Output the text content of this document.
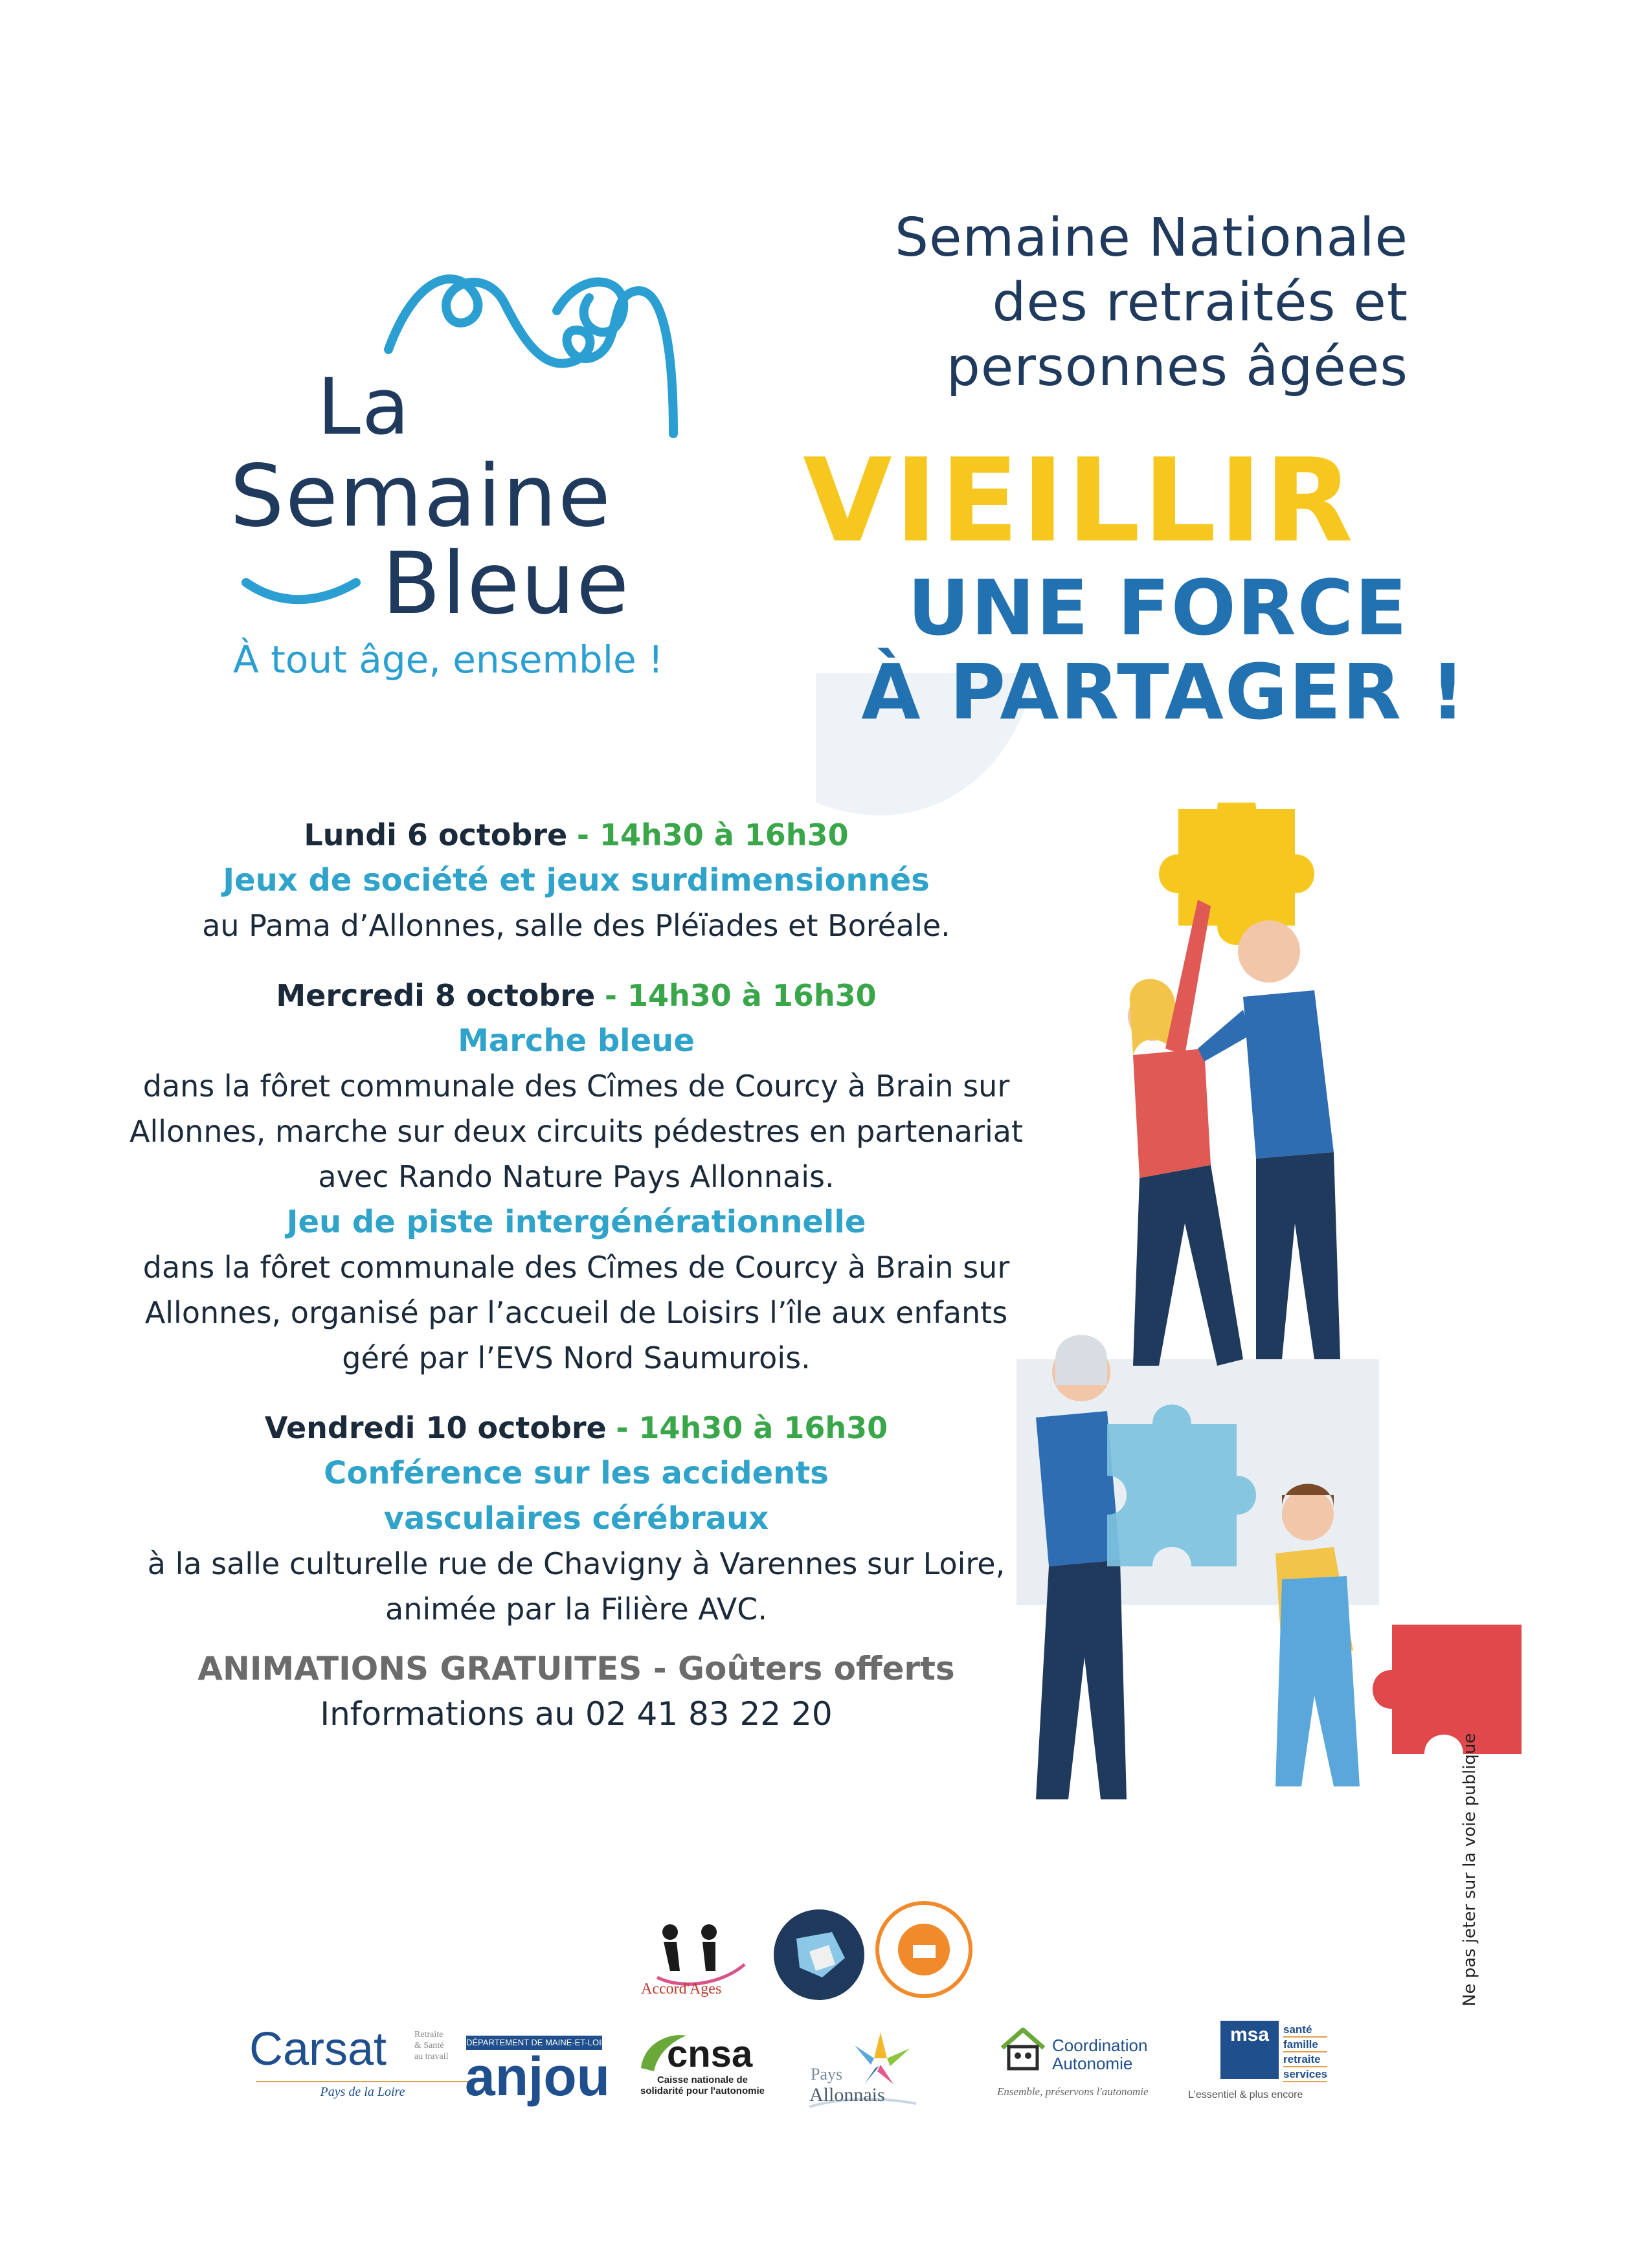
La
Semaine
Bleue
À tout âge, ensemble !
Semaine Nationale
des retraités et
personnes âgées
VIEILLIR
UNE FORCE
À PARTAGER !
Lundi 6 octobre - 14h30 à 16h30
Jeux de société et jeux surdimensionnés
au Pama d’Allonnes, salle des Pléïades et Boréale.
Mercredi 8 octobre - 14h30 à 16h30
Marche bleue
dans la fôret communale des Cîmes de Courcy à Brain sur
Allonnes, marche sur deux circuits pédestres en partenariat
avec Rando Nature Pays Allonnais.
Jeu de piste intergénérationnelle
dans la fôret communale des Cîmes de Courcy à Brain sur
Allonnes, organisé par l’accueil de Loisirs l’île aux enfants
géré par l’EVS Nord Saumurois.
Vendredi 10 octobre - 14h30 à 16h30
Conférence sur les accidents
vasculaires cérébraux
à la salle culturelle rue de Chavigny à Varennes sur Loire,
animée par la Filière AVC.
ANIMATIONS GRATUITES - Goûters offerts
Informations au 02 41 83 22 20
Ne pas jeter sur la voie publique
Accord'Ages
Carsat	Retraite
& Santé
au travail
Pays de la Loire
DÉPARTEMENT DE MAINE-ET-LOIRE
anjou cnsa
Caisse nationale de
solidarité pour l'autonomie
Pays
Allonnais
Coordination
Autonomie
Ensemble, préservons l'autonomie
msa	santé
famille
retraite
services
L'essentiel & plus encore
